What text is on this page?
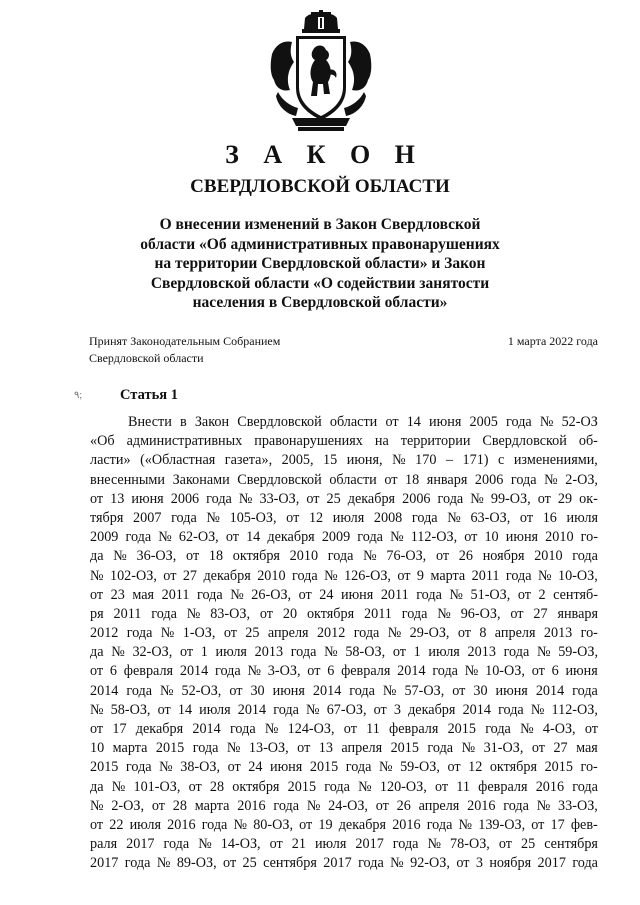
З А К О Н
СВЕРДЛОВСКОЙ ОБЛАСТИ
О внесении изменений в Закон Свердловской
области «Об административных правонарушениях
на территории Свердловской области» и Закон
Свердловской области «О содействии занятости
населения в Свердловской области»
Принят Законодательным Собранием
Свердловской области
1 марта 2022 года
٩;	Статья 1
Внести в Закон Свердловской области от 14 июня 2005 года № 52-ОЗ
«Об административных правонарушениях на территории Свердловской об-
ласти» («Областная газета», 2005, 15 июня, № 170 – 171) с изменениями,
внесенными Законами Свердловской области от 18 января 2006 года № 2-ОЗ,
от 13 июня 2006 года № 33-ОЗ, от 25 декабря 2006 года № 99-ОЗ, от 29 ок-
тября 2007 года № 105-ОЗ, от 12 июля 2008 года № 63-ОЗ, от 16 июля
2009 года № 62-ОЗ, от 14 декабря 2009 года № 112-ОЗ, от 10 июня 2010 го-
да № 36-ОЗ, от 18 октября 2010 года № 76-ОЗ, от 26 ноября 2010 года
№ 102-ОЗ, от 27 декабря 2010 года № 126-ОЗ, от 9 марта 2011 года № 10-ОЗ,
от 23 мая 2011 года № 26-ОЗ, от 24 июня 2011 года № 51-ОЗ, от 2 сентяб-
ря 2011 года № 83-ОЗ, от 20 октября 2011 года № 96-ОЗ, от 27 января
2012 года № 1-ОЗ, от 25 апреля 2012 года № 29-ОЗ, от 8 апреля 2013 го-
да № 32-ОЗ, от 1 июля 2013 года № 58-ОЗ, от 1 июля 2013 года № 59-ОЗ,
от 6 февраля 2014 года № 3-ОЗ, от 6 февраля 2014 года № 10-ОЗ, от 6 июня
2014 года № 52-ОЗ, от 30 июня 2014 года № 57-ОЗ, от 30 июня 2014 года
№ 58-ОЗ, от 14 июля 2014 года № 67-ОЗ, от 3 декабря 2014 года № 112-ОЗ,
от 17 декабря 2014 года № 124-ОЗ, от 11 февраля 2015 года № 4-ОЗ, от
10 марта 2015 года № 13-ОЗ, от 13 апреля 2015 года № 31-ОЗ, от 27 мая
2015 года № 38-ОЗ, от 24 июня 2015 года № 59-ОЗ, от 12 октября 2015 го-
да № 101-ОЗ, от 28 октября 2015 года № 120-ОЗ, от 11 февраля 2016 года
№ 2-ОЗ, от 28 марта 2016 года № 24-ОЗ, от 26 апреля 2016 года № 33-ОЗ,
от 22 июля 2016 года № 80-ОЗ, от 19 декабря 2016 года № 139-ОЗ, от 17 фев-
раля 2017 года № 14-ОЗ, от 21 июля 2017 года № 78-ОЗ, от 25 сентября
2017 года № 89-ОЗ, от 25 сентября 2017 года № 92-ОЗ, от 3 ноября 2017 года
